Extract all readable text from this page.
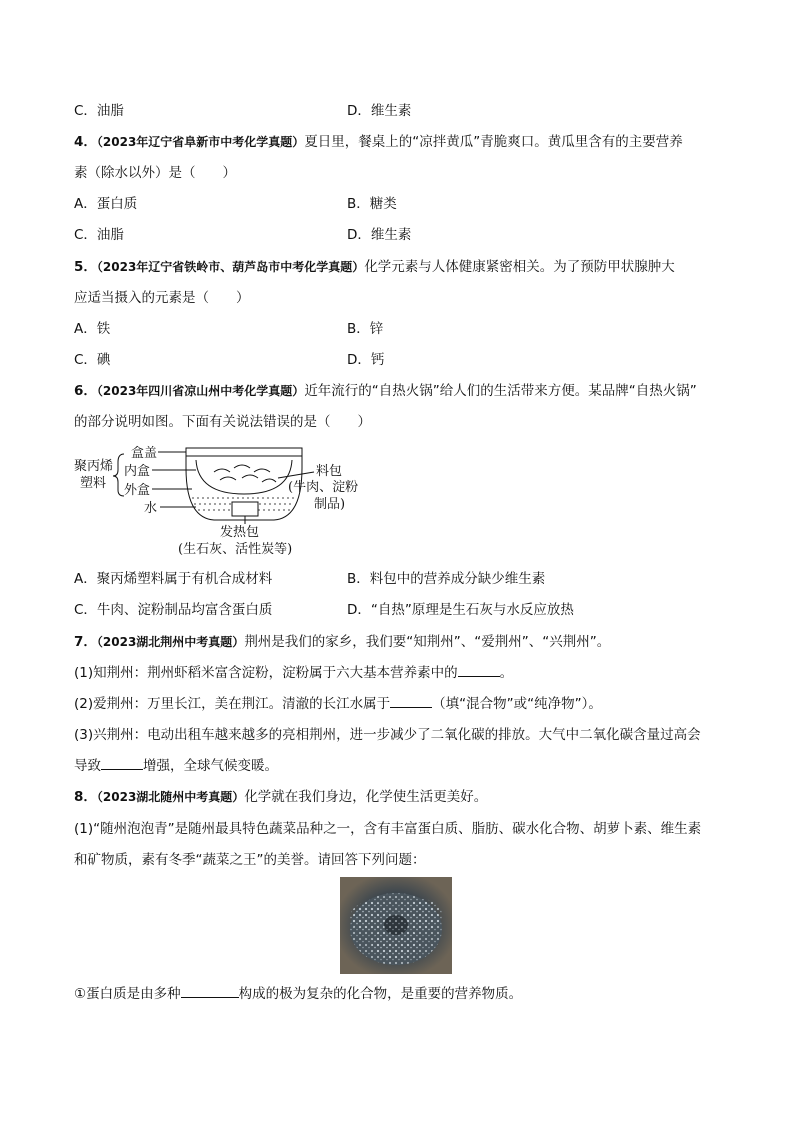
C．油脂	D．维生素
4．（2023年辽宁省阜新市中考化学真题）夏日里，餐桌上的“凉拌黄瓜”青脆爽口。黄瓜里含有的主要营养
素（除水以外）是（　　）
A．蛋白质	B．糖类
C．油脂	D．维生素
5．（2023年辽宁省铁岭市、葫芦岛市中考化学真题）化学元素与人体健康紧密相关。为了预防甲状腺肿大
应适当摄入的元素是（　　）
A．铁	B．锌
C．碘	D．钙
6．（2023年四川省凉山州中考化学真题）近年流行的“自热火锅”给人们的生活带来方便。某品牌“自热火锅”
的部分说明如图。下面有关说法错误的是（　　）
聚丙烯
塑料
盒盖
内盒
外盒
水
料包
(牛肉、淀粉
制品)
发热包
(生石灰、活性炭等)
A．聚丙烯塑料属于有机合成材料	B．料包中的营养成分缺少维生素
C．牛肉、淀粉制品均富含蛋白质	D．“自热”原理是生石灰与水反应放热
7．（2023湖北荆州中考真题）荆州是我们的家乡，我们要“知荆州”、“爱荆州”、“兴荆州”。
(1)知荆州：荆州虾稻米富含淀粉，淀粉属于六大基本营养素中的	。
(2)爱荆州：万里长江，美在荆江。清澈的长江水属于	（填“混合物”或“纯净物”）。
(3)兴荆州：电动出租车越来越多的亮相荆州，进一步减少了二氧化碳的排放。大气中二氧化碳含量过高会
导致	增强，全球气候变暖。
8．（2023湖北随州中考真题）化学就在我们身边，化学使生活更美好。
(1)“随州泡泡青”是随州最具特色蔬菜品种之一，含有丰富蛋白质、脂肪、碳水化合物、胡萝卜素、维生素
和矿物质，素有冬季“蔬菜之王”的美誉。请回答下列问题：
①蛋白质是由多种	构成的极为复杂的化合物，是重要的营养物质。
